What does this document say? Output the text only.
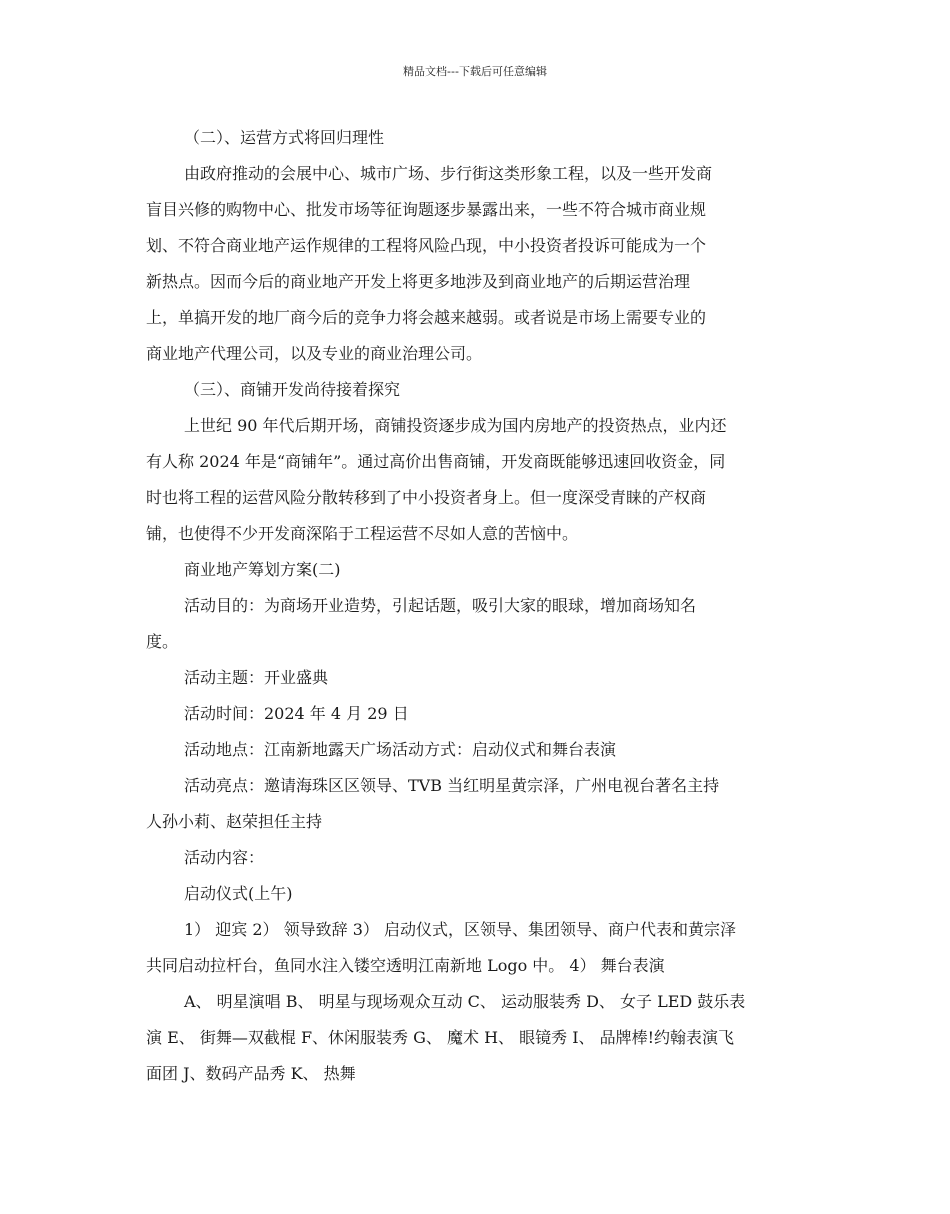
精品文档---下载后可任意编辑

（二）、运营方式将回归理性

由政府推动的会展中心、城市广场、步行街这类形象工程，以及一些开发商
盲目兴修的购物中心、批发市场等征询题逐步暴露出来，一些不符合城市商业规
划、不符合商业地产运作规律的工程将风险凸现，中小投资者投诉可能成为一个
新热点。因而今后的商业地产开发上将更多地涉及到商业地产的后期运营治理
上，单搞开发的地厂商今后的竞争力将会越来越弱。或者说是市场上需要专业的
商业地产代理公司，以及专业的商业治理公司。

（三）、商铺开发尚待接着探究

上世纪 90 年代后期开场，商铺投资逐步成为国内房地产的投资热点，业内还
有人称 2024 年是“商铺年”。通过高价出售商铺，开发商既能够迅速回收资金，同
时也将工程的运营风险分散转移到了中小投资者身上。但一度深受青睐的产权商
铺，也使得不少开发商深陷于工程运营不尽如人意的苦恼中。

商业地产筹划方案(二)

活动目的：为商场开业造势，引起话题，吸引大家的眼球，增加商场知名
度。

活动主题：开业盛典

活动时间：2024 年 4 月 29 日

活动地点：江南新地露天广场活动方式：启动仪式和舞台表演

活动亮点：邀请海珠区区领导、TVB 当红明星黄宗泽，广州电视台著名主持
人孙小莉、赵荣担任主持

活动内容：

启动仪式(上午)

1） 迎宾 2） 领导致辞 3） 启动仪式，区领导、集团领导、商户代表和黄宗泽
共同启动拉杆台，鱼同水注入镂空透明江南新地 Logo 中。 4） 舞台表演

A、 明星演唱 B、 明星与现场观众互动 C、 运动服装秀 D、 女子 LED 鼓乐表
演 E、 街舞—双截棍 F、休闲服装秀 G、 魔术 H、 眼镜秀 I、 品牌棒!约翰表演飞
面团 J、数码产品秀 K、 热舞
